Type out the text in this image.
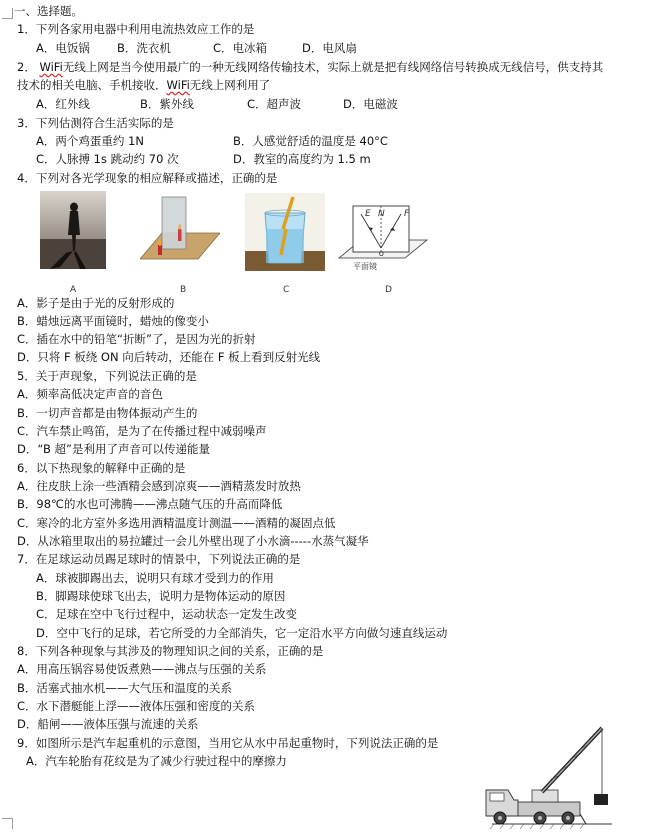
一、选择题。
1．下列各家用电器中利用电流热效应工作的是
A．电饭锅 B．洗衣机	C．电冰箱	D．电风扇
2． WiFi无线上网是当今使用最广的一种无线网络传输技术，实际上就是把有线网络信号转换成无线信号，供支持其
技术的相关电脑、手机接收．WiFi无线上网利用了
A．红外线	B．紫外线	C．超声波	D．电磁波
3．下列估测符合生活实际的是
A．两个鸡蛋重约 1N	B．人感觉舒适的温度是 40°C
C．人脉搏 1s 跳动约 70 次	D．教室的高度约为 1.5 m
4．下列对各光学现象的相应解释或描述，正确的是
A	B	C
O
E N F
平面镜
D
A．影子是由于光的反射形成的
B．蜡烛远离平面镜时，蜡烛的像变小
C．插在水中的铅笔“折断”了，是因为光的折射
D．只将 F 板绕 ON 向后转动，还能在 F 板上看到反射光线
5．关于声现象，下列说法正确的是
A．频率高低决定声音的音色
B．一切声音都是由物体振动产生的
C．汽车禁止鸣笛，是为了在传播过程中减弱噪声
D．“B 超”是利用了声音可以传递能量
6．以下热现象的解释中正确的是
A．往皮肤上涂一些酒精会感到凉爽——酒精蒸发时放热
B．98℃的水也可沸腾——沸点随气压的升高而降低
C．寒冷的北方室外多选用酒精温度计测温——酒精的凝固点低
D．从冰箱里取出的易拉罐过一会儿外壁出现了小水滴-----水蒸气凝华
7．在足球运动员踢足球时的情景中，下列说法正确的是
A．球被脚踢出去，说明只有球才受到力的作用
B．脚踢球使球飞出去，说明力是物体运动的原因
C．足球在空中飞行过程中，运动状态一定发生改变
D．空中飞行的足球，若它所受的力全部消失，它一定沿水平方向做匀速直线运动
8．下列各种现象与其涉及的物理知识之间的关系，正确的是
A．用高压锅容易使饭煮熟——沸点与压强的关系
B．活塞式抽水机——大气压和温度的关系
C．水下潜艇能上浮——液体压强和密度的关系
D．船闸——液体压强与流速的关系
9．如图所示是汽车起重机的示意图，当用它从水中吊起重物时，下列说法正确的是
A．汽车轮胎有花纹是为了减少行驶过程中的摩擦力
